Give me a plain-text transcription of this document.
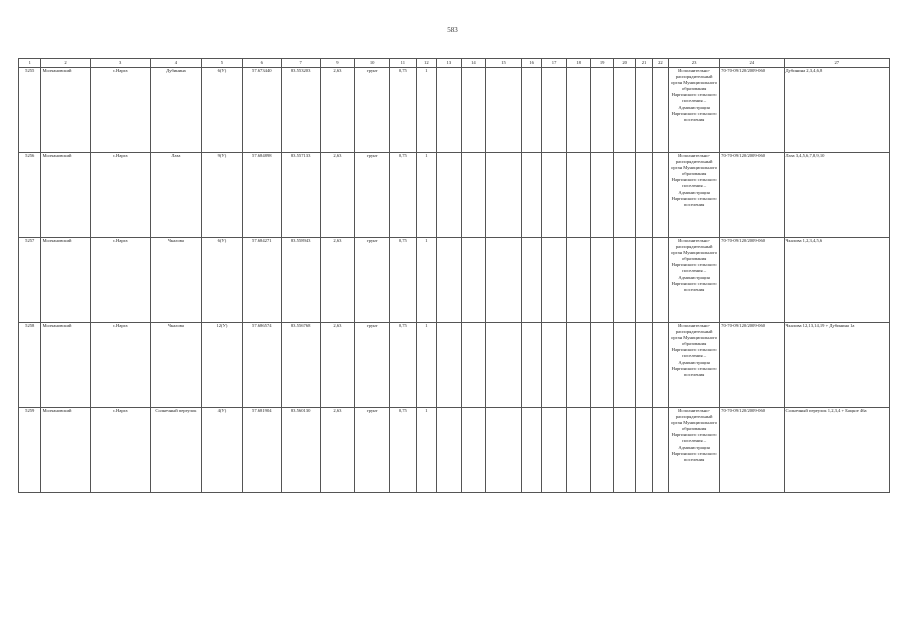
583
1	2	3	4	5	6	7	9	10	11	12	13	14	15	16	17	18	19	20	21	22	23	24	27
5255	Молчановский	с.Нарга	Дубинина	6(У)	57.673440	83.553203	2,63	грунт	0,75	1											Исполнительно-распорядительный орган Муниципального образования Наргинского сельского поселения – Администрация Наргинского сельского поселения	70-70-09/120/2009-060	Дубинина 2,3,4,6,8
5256	Молчановский	с.Нарга	Лаза	9(У)	57.684898	83.557133	2,63	грунт	0,75	1											Исполнительно-распорядительный орган Муниципального образования Наргинского сельского поселения – Администрация Наргинского сельского поселения	70-70-09/120/2009-060	Лаза 3,4,5,6,7,8,9,10
5257	Молчановский	с.Нарга	Чкалова	6(У)	57.684271	83.558943	2,63	грунт	0,75	1											Исполнительно-распорядительный орган Муниципального образования Наргинского сельского поселения – Администрация Наргинского сельского поселения	70-70-09/120/2009-060	Чкалова 1,2,3,4,5,6
5258	Молчановский	с.Нарга	Чкалова	12(У)	57.686574	83.556768	2,63	грунт	0,75	1											Исполнительно-распорядительный орган Муниципального образования Наргинского сельского поселения – Администрация Наргинского сельского поселения	70-70-09/120/2009-060	Чкалова 12,13,14,19 + Дубинина 1а
5259	Молчановский	с.Нарга	Солнечный переулок	4(У)	57.681904	83.560130	2,63	грунт	0,75	1											Исполнительно-распорядительный орган Муниципального образования Наргинского сельского поселения – Администрация Наргинского сельского поселения	70-70-09/120/2009-060	Солнечный переулок 1,2,3,4 + Бацкое 46а
